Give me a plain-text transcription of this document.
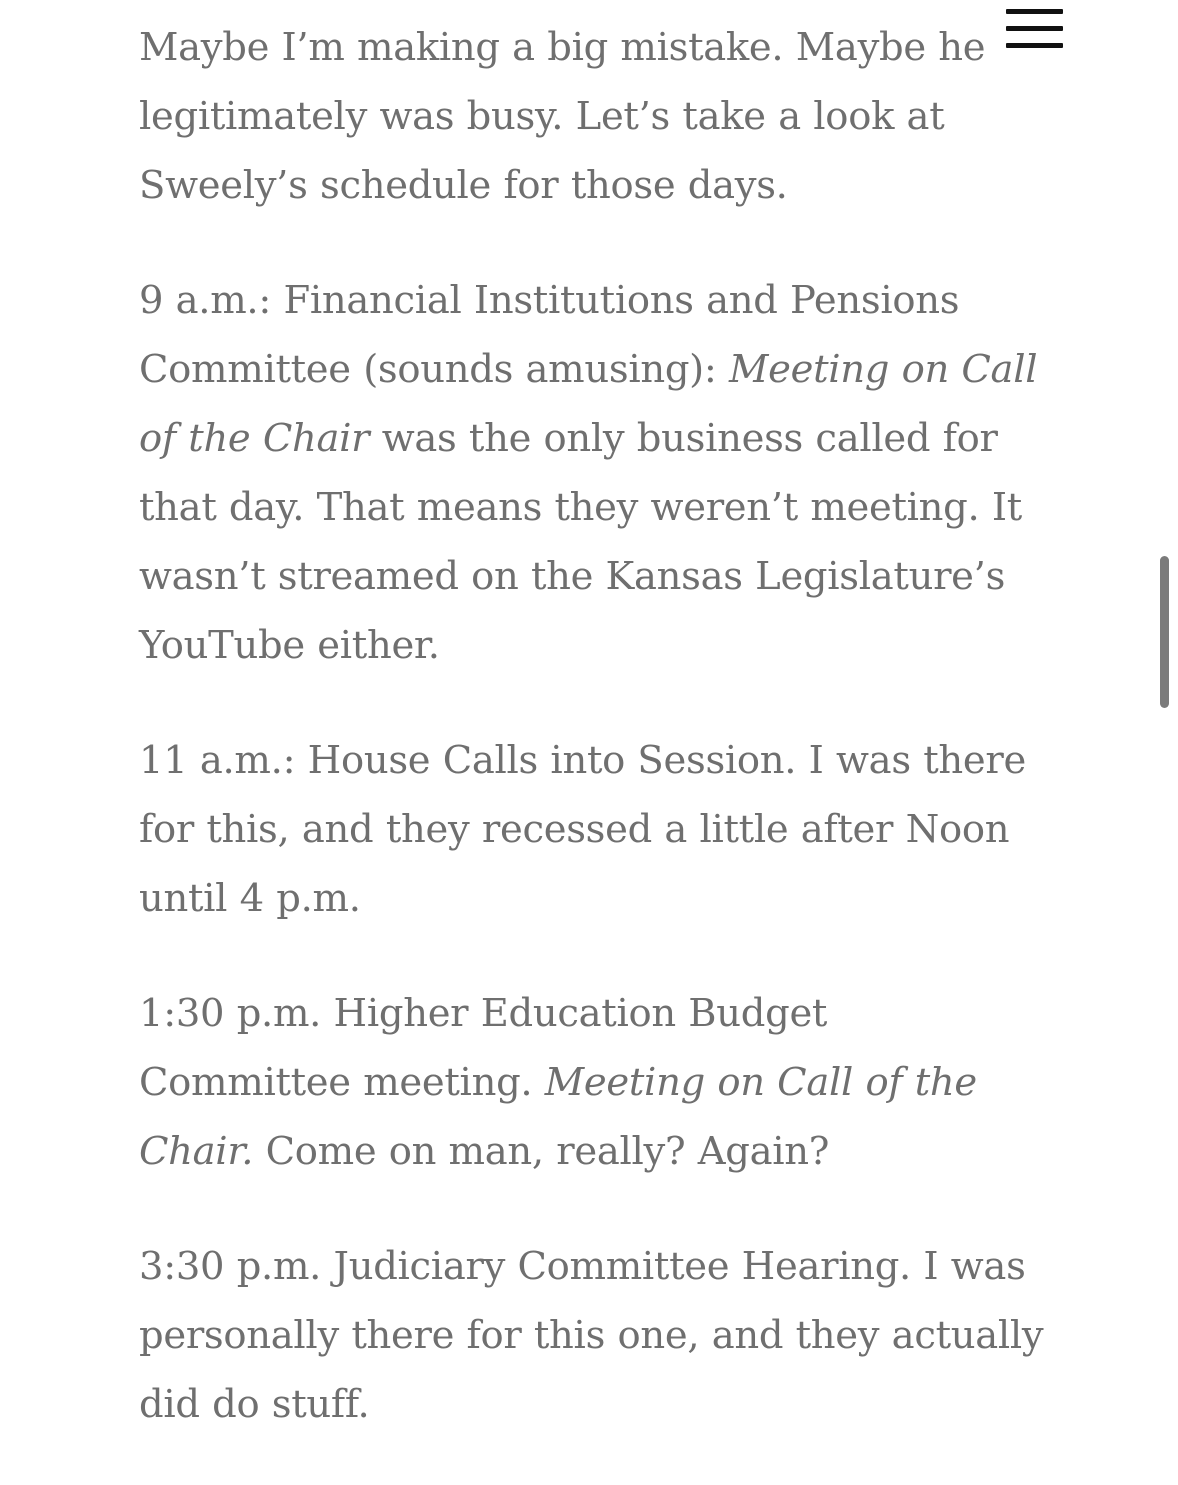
Maybe I’m making a big mistake. Maybe he legitimately was busy. Let’s take a look at Sweely’s schedule for those days.

9 a.m.: Financial Institutions and Pensions Committee (sounds amusing): Meeting on Call of the Chair was the only business called for that day. That means they weren’t meeting. It wasn’t streamed on the Kansas Legislature’s YouTube either.

11 a.m.: House Calls into Session. I was there for this, and they recessed a little after Noon until 4 p.m.

1:30 p.m. Higher Education Budget Committee meeting. Meeting on Call of the Chair. Come on man, really? Again?

3:30 p.m. Judiciary Committee Hearing. I was personally there for this one, and they actually did do stuff.
